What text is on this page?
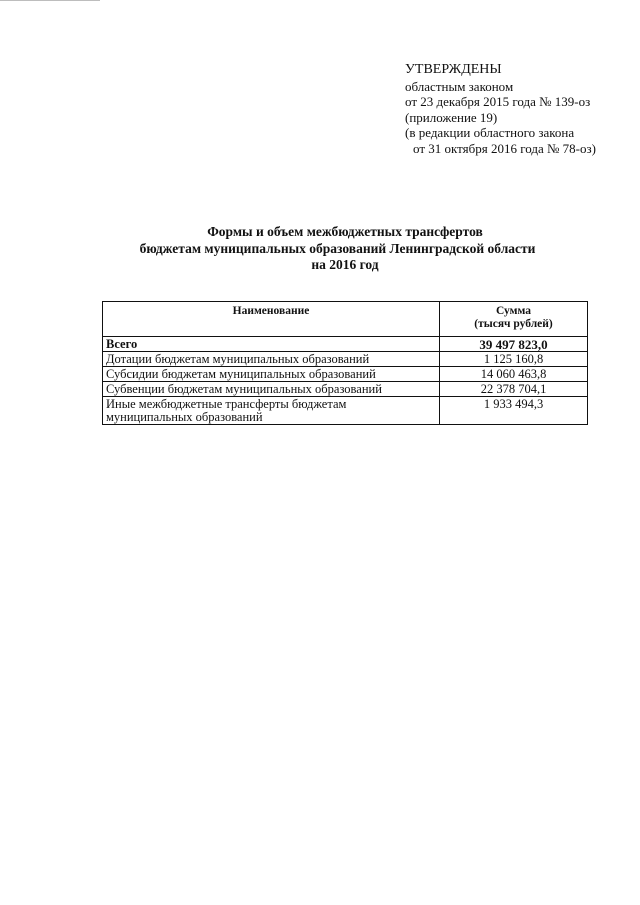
УТВЕРЖДЕНЫ
областным законом
от 23 декабря 2015 года № 139-оз
(приложение 19)
(в редакции областного закона
от 31 октября 2016 года № 78-оз)
Формы и объем межбюджетных трансфертов
бюджетам муниципальных образований Ленинградской области
на 2016 год
Наименование	Сумма
(тысяч рублей)

Всего	39 497 823,0
Дотации бюджетам муниципальных образований	1 125 160,8
Субсидии бюджетам муниципальных образований	14 060 463,8
Субвенции бюджетам муниципальных образований	22 378 704,1
Иные межбюджетные трансферты бюджетам муниципальных образований	1 933 494,3
